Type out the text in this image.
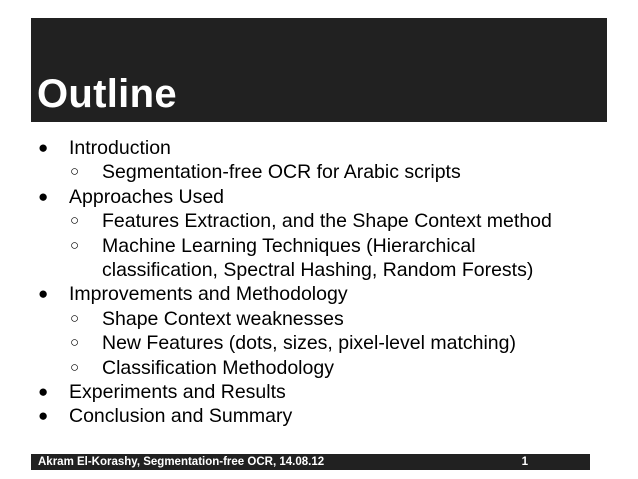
Outline
●	Introduction
○	Segmentation-free OCR for Arabic scripts
●	Approaches Used
○	Features Extraction, and the Shape Context method
○	Machine Learning Techniques (Hierarchical
classification, Spectral Hashing, Random Forests)
●	Improvements and Methodology
○	Shape Context weaknesses
○	New Features (dots, sizes, pixel-level matching)
○	Classification Methodology
●	Experiments and Results
●	Conclusion and Summary
Akram El-Korashy, Segmentation-free OCR, 14.08.12	1
